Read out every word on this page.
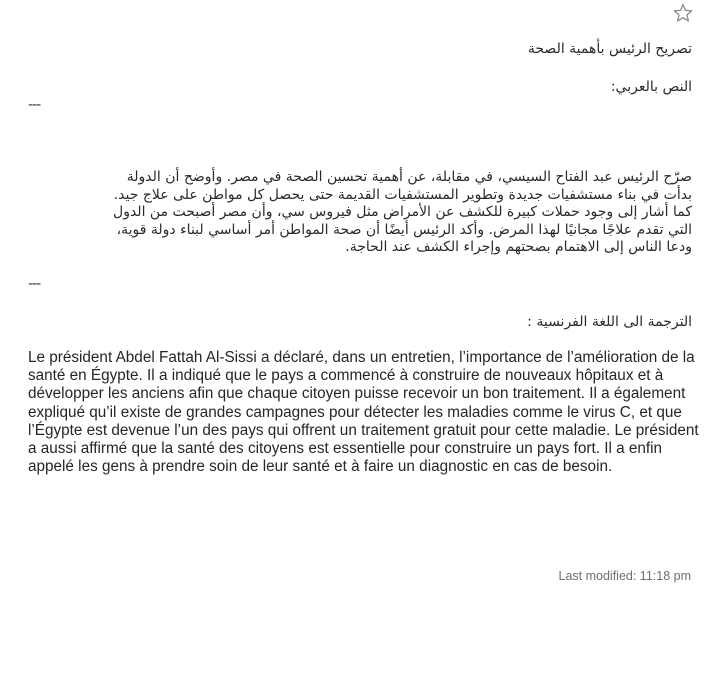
تصريح الرئيس بأهمية الصحة
النص بالعربي:
---
صرّح الرئيس عبد الفتاح السيسي، في مقابلة، عن أهمية تحسين الصحة في مصر. وأوضح أن الدولة بدأت في بناء مستشفيات جديدة وتطوير المستشفيات القديمة حتى يحصل كل مواطن على علاج جيد. كما أشار إلى وجود حملات كبيرة للكشف عن الأمراض مثل فيروس سي، وأن مصر أصبحت من الدول التي تقدم علاجًا مجانيًا لهذا المرض. وأكد الرئيس أيضًا أن صحة المواطن أمر أساسي لبناء دولة قوية، ودعا الناس إلى الاهتمام بصحتهم وإجراء الكشف عند الحاجة.
---
الترجمة الى اللغة الفرنسية :
Le président Abdel Fattah Al-Sissi a déclaré, dans un entretien, l’importance de l’amélioration de la santé en Égypte. Il a indiqué que le pays a commencé à construire de nouveaux hôpitaux et à développer les anciens afin que chaque citoyen puisse recevoir un bon traitement. Il a également expliqué qu’il existe de grandes campagnes pour détecter les maladies comme le virus C, et que l’Égypte est devenue l’un des pays qui offrent un traitement gratuit pour cette maladie. Le président a aussi affirmé que la santé des citoyens est essentielle pour construire un pays fort. Il a enfin appelé les gens à prendre soin de leur santé et à faire un diagnostic en cas de besoin.
Last modified: 11:18 pm
